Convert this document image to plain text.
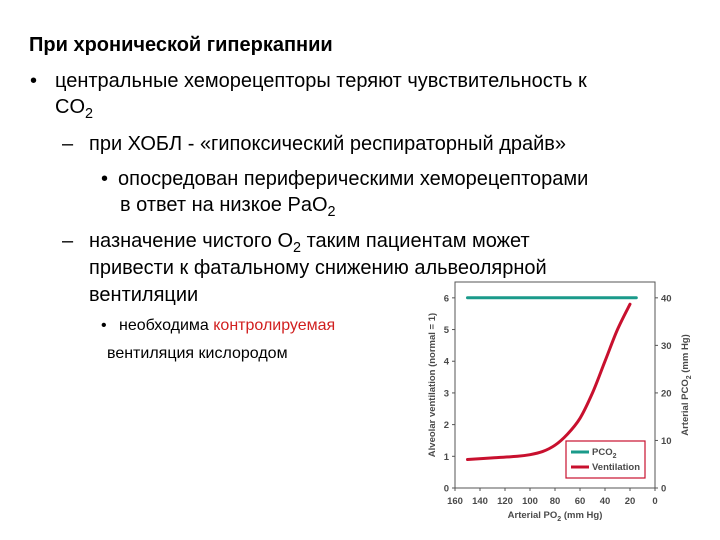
При хронической гиперкапнии
• центральные хеморецепторы теряют чувствительность к
$CO_2$
– при ХОБЛ - «гипоксический респираторный драйв»
• опосредован периферическими хеморецепторами
в ответ на низкое PaO$_2$
– назначение чистого $O_2$ таким пациентам может
привести к фатальному снижению альвеолярной
вентиляции
• необходима контролируемая
вентиляция кислородом
0
1
2
3
4
5
6
0
10
20
30
40
160 140 120 100 80 60 40 20 0
$PCO_2$
Ventilation
Arterial $PO_2$ (mm Hg)
Alveolar ventilation (normal = 1)	Arterial $PCO_2$ (mm Hg)
